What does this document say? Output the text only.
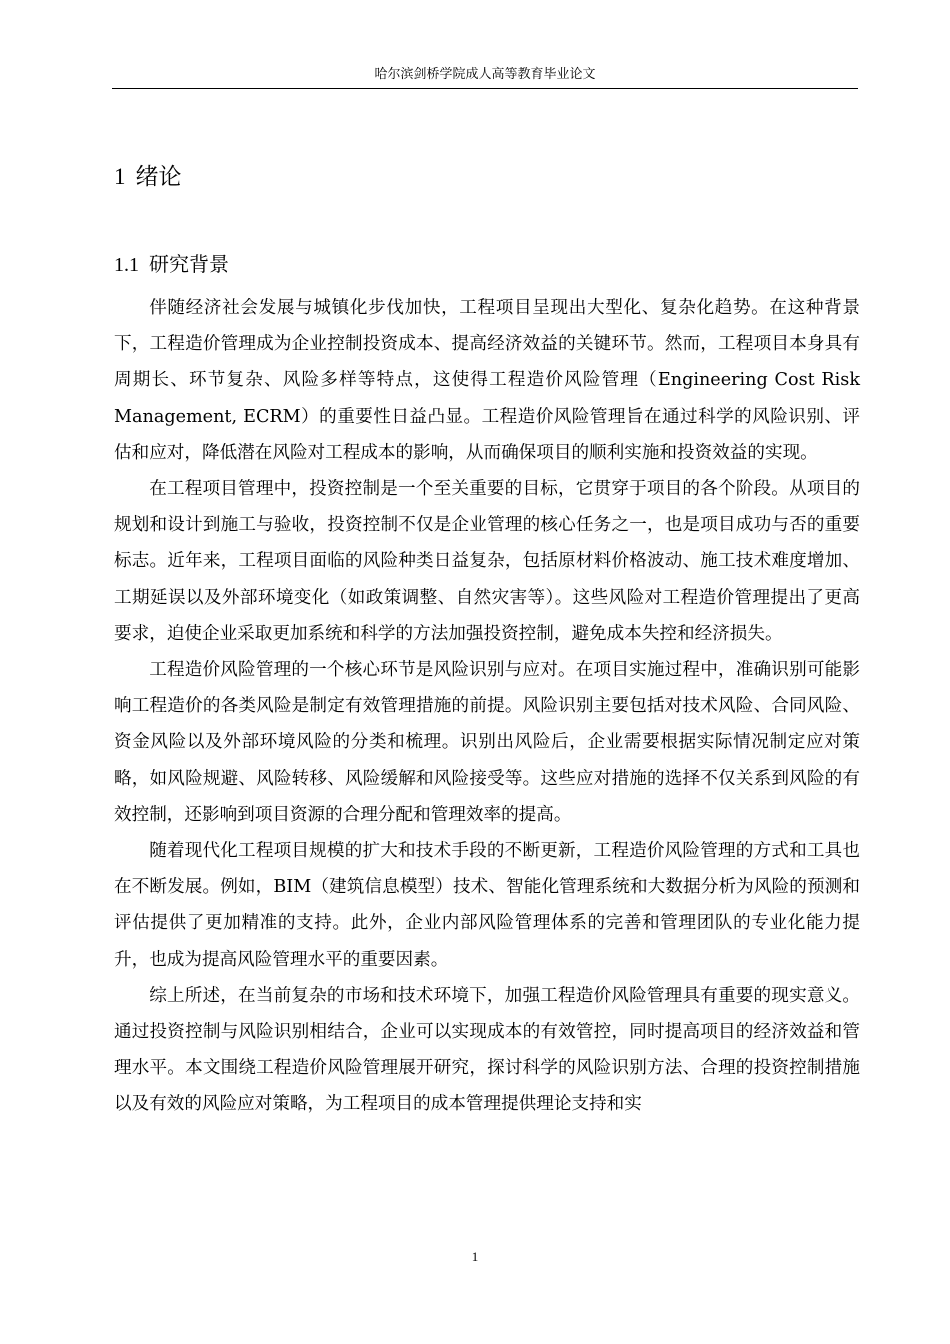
哈尔滨剑桥学院成人高等教育毕业论文
1 绪论
1.1 研究背景

伴随经济社会发展与城镇化步伐加快，工程项目呈现出大型化、复杂化趋势。在这种背景下，工程造价管理成为企业控制投资成本、提高经济效益的关键环节。然而，工程项目本身具有周期长、环节复杂、风险多样等特点，这使得工程造价风险管理（Engineering Cost Risk Management, ECRM）的重要性日益凸显。工程造价风险管理旨在通过科学的风险识别、评估和应对，降低潜在风险对工程成本的影响，从而确保项目的顺利实施和投资效益的实现。

在工程项目管理中，投资控制是一个至关重要的目标，它贯穿于项目的各个阶段。从项目的规划和设计到施工与验收，投资控制不仅是企业管理的核心任务之一，也是项目成功与否的重要标志。近年来，工程项目面临的风险种类日益复杂，包括原材料价格波动、施工技术难度增加、工期延误以及外部环境变化（如政策调整、自然灾害等）。这些风险对工程造价管理提出了更高要求，迫使企业采取更加系统和科学的方法加强投资控制，避免成本失控和经济损失。

工程造价风险管理的一个核心环节是风险识别与应对。在项目实施过程中，准确识别可能影响工程造价的各类风险是制定有效管理措施的前提。风险识别主要包括对技术风险、合同风险、资金风险以及外部环境风险的分类和梳理。识别出风险后，企业需要根据实际情况制定应对策略，如风险规避、风险转移、风险缓解和风险接受等。这些应对措施的选择不仅关系到风险的有效控制，还影响到项目资源的合理分配和管理效率的提高。

随着现代化工程项目规模的扩大和技术手段的不断更新，工程造价风险管理的方式和工具也在不断发展。例如，BIM（建筑信息模型）技术、智能化管理系统和大数据分析为风险的预测和评估提供了更加精准的支持。此外，企业内部风险管理体系的完善和管理团队的专业化能力提升，也成为提高风险管理水平的重要因素。

综上所述，在当前复杂的市场和技术环境下，加强工程造价风险管理具有重要的现实意义。通过投资控制与风险识别相结合，企业可以实现成本的有效管控，同时提高项目的经济效益和管理水平。本文围绕工程造价风险管理展开研究，探讨科学的风险识别方法、合理的投资控制措施以及有效的风险应对策略，为工程项目的成本管理提供理论支持和实

1
